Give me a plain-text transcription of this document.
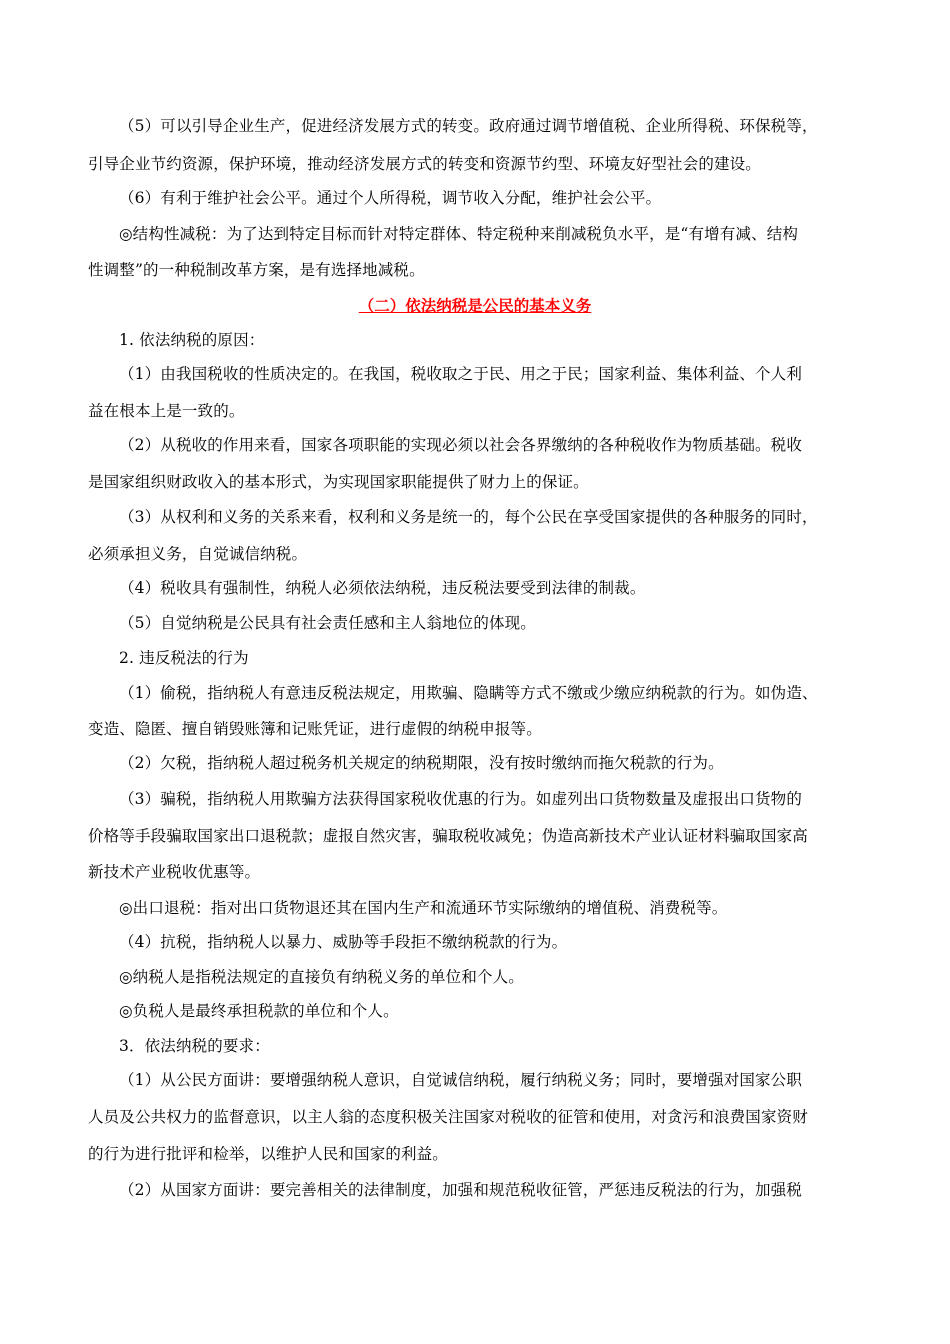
（5）可以引导企业生产，促进经济发展方式的转变。政府通过调节增值税、企业所得税、环保税等，
引导企业节约资源，保护环境，推动经济发展方式的转变和资源节约型、环境友好型社会的建设。
（6）有利于维护社会公平。通过个人所得税，调节收入分配，维护社会公平。
◎结构性减税：为了达到特定目标而针对特定群体、特定税种来削减税负水平，是“有增有减、结构
性调整”的一种税制改革方案，是有选择地减税。
（二）依法纳税是公民的基本义务
1. 依法纳税的原因：
（1）由我国税收的性质决定的。在我国，税收取之于民、用之于民；国家利益、集体利益、个人利
益在根本上是一致的。
（2）从税收的作用来看，国家各项职能的实现必须以社会各界缴纳的各种税收作为物质基础。税收
是国家组织财政收入的基本形式，为实现国家职能提供了财力上的保证。
（3）从权利和义务的关系来看，权利和义务是统一的，每个公民在享受国家提供的各种服务的同时，
必须承担义务，自觉诚信纳税。
（4）税收具有强制性，纳税人必须依法纳税，违反税法要受到法律的制裁。
（5）自觉纳税是公民具有社会责任感和主人翁地位的体现。
2. 违反税法的行为
（1）偷税，指纳税人有意违反税法规定，用欺骗、隐瞒等方式不缴或少缴应纳税款的行为。如伪造、
变造、隐匿、擅自销毁账簿和记账凭证，进行虚假的纳税申报等。
（2）欠税，指纳税人超过税务机关规定的纳税期限，没有按时缴纳而拖欠税款的行为。
（3）骗税，指纳税人用欺骗方法获得国家税收优惠的行为。如虚列出口货物数量及虚报出口货物的
价格等手段骗取国家出口退税款；虚报自然灾害，骗取税收减免；伪造高新技术产业认证材料骗取国家高
新技术产业税收优惠等。
◎出口退税：指对出口货物退还其在国内生产和流通环节实际缴纳的增值税、消费税等。
（4）抗税，指纳税人以暴力、威胁等手段拒不缴纳税款的行为。
◎纳税人是指税法规定的直接负有纳税义务的单位和个人。
◎负税人是最终承担税款的单位和个人。
3．依法纳税的要求：
（1）从公民方面讲：要增强纳税人意识，自觉诚信纳税，履行纳税义务；同时，要增强对国家公职
人员及公共权力的监督意识，以主人翁的态度积极关注国家对税收的征管和使用，对贪污和浪费国家资财
的行为进行批评和检举，以维护人民和国家的利益。
（2）从国家方面讲：要完善相关的法律制度，加强和规范税收征管，严惩违反税法的行为，加强税
